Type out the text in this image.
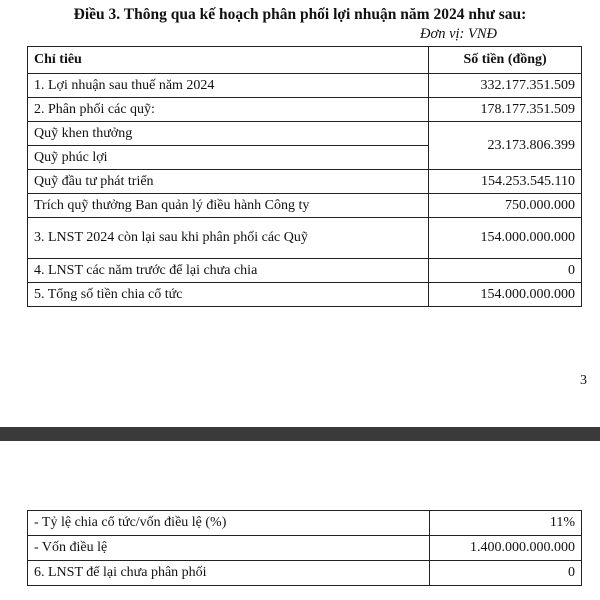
Điều 3. Thông qua kế hoạch phân phối lợi nhuận năm 2024 như sau:
Đơn vị: VNĐ
Chỉ tiêu	Số tiền (đồng)
1. Lợi nhuận sau thuế năm 2024	332.177.351.509
2. Phân phối các quỹ:	178.177.351.509
Quỹ khen thưởng	23.173.806.399
Quỹ phúc lợi	
Quỹ đầu tư phát triển	154.253.545.110
Trích quỹ thưởng Ban quản lý điều hành Công ty	750.000.000
3. LNST 2024 còn lại sau khi phân phối các Quỹ	154.000.000.000
4. LNST các năm trước để lại chưa chia	0
5. Tổng số tiền chia cổ tức	154.000.000.000
3
- Tỷ lệ chia cổ tức/vốn điều lệ (%)	11%
- Vốn điều lệ	1.400.000.000.000
6. LNST để lại chưa phân phối	0
